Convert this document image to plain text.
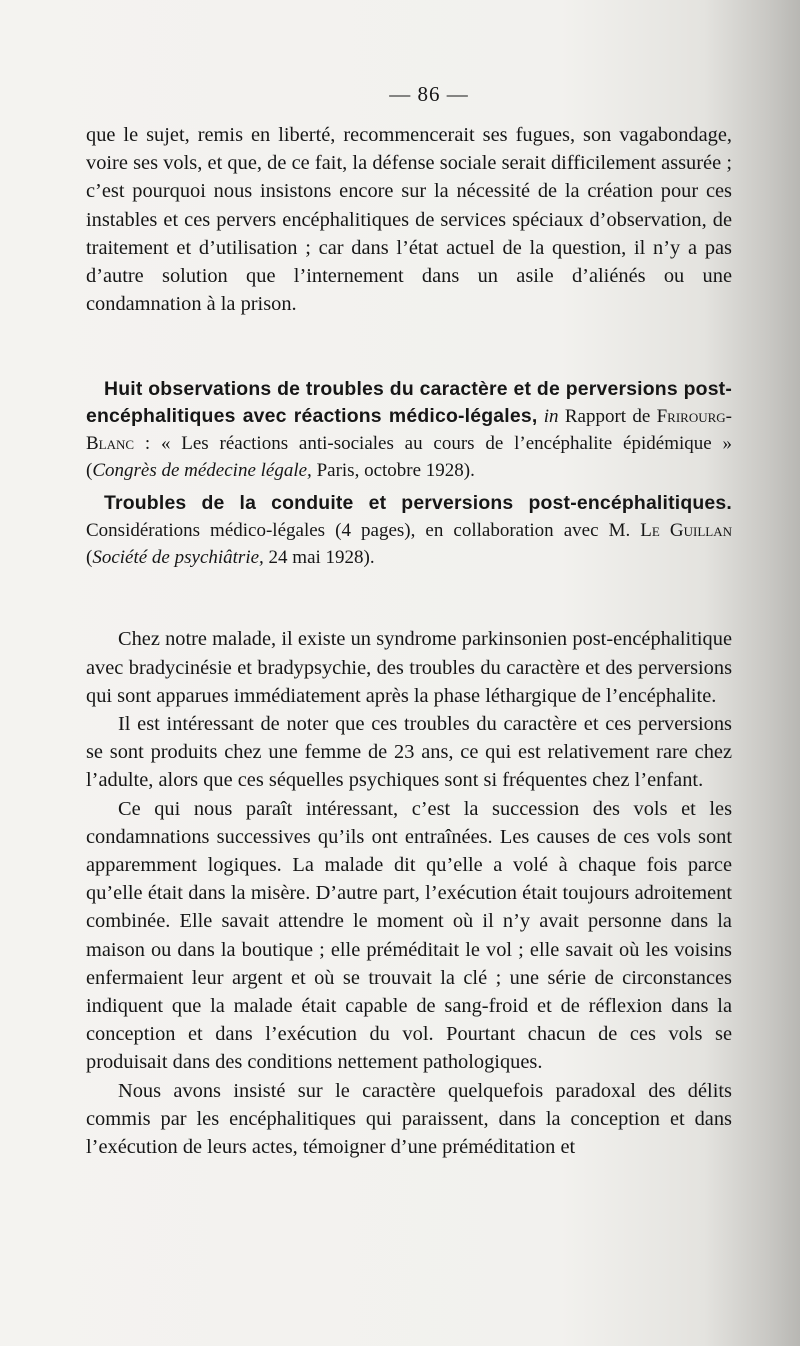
— 86 —

que le sujet, remis en liberté, recommencerait ses fugues, son vagabondage, voire ses vols, et que, de ce fait, la défense sociale serait difficilement assurée ; c’est pourquoi nous insistons encore sur la nécessité de la création pour ces instables et ces pervers encéphalitiques de services spéciaux d’observation, de traitement et d’utilisation ; car dans l’état actuel de la question, il n’y a pas d’autre solution que l’internement dans un asile d’aliénés ou une condamnation à la prison.

Huit observations de troubles du caractère et de perversions post-encéphalitiques avec réactions médico-légales, in Rapport de Frirourg-Blanc : « Les réactions anti-sociales au cours de l’encéphalite épidémique » (Congrès de médecine légale, Paris, octobre 1928).

Troubles de la conduite et perversions post-encéphalitiques. Considérations médico-légales (4 pages), en collaboration avec M. Le Guillan (Société de psychiâtrie, 24 mai 1928).

Chez notre malade, il existe un syndrome parkinsonien post-encéphalitique avec bradycinésie et bradypsychie, des troubles du caractère et des perversions qui sont apparues immédiatement après la phase léthargique de l’encéphalite.

Il est intéressant de noter que ces troubles du caractère et ces perversions se sont produits chez une femme de 23 ans, ce qui est relativement rare chez l’adulte, alors que ces séquelles psychiques sont si fréquentes chez l’enfant.

Ce qui nous paraît intéressant, c’est la succession des vols et les condamnations successives qu’ils ont entraînées. Les causes de ces vols sont apparemment logiques. La malade dit qu’elle a volé à chaque fois parce qu’elle était dans la misère. D’autre part, l’exécution était toujours adroitement combinée. Elle savait attendre le moment où il n’y avait personne dans la maison ou dans la boutique ; elle préméditait le vol ; elle savait où les voisins enfermaient leur argent et où se trouvait la clé ; une série de circonstances indiquent que la malade était capable de sang-froid et de réflexion dans la conception et dans l’exécution du vol. Pourtant chacun de ces vols se produisait dans des conditions nettement pathologiques.

Nous avons insisté sur le caractère quelquefois paradoxal des délits commis par les encéphalitiques qui paraissent, dans la conception et dans l’exécution de leurs actes, témoigner d’une préméditation et
